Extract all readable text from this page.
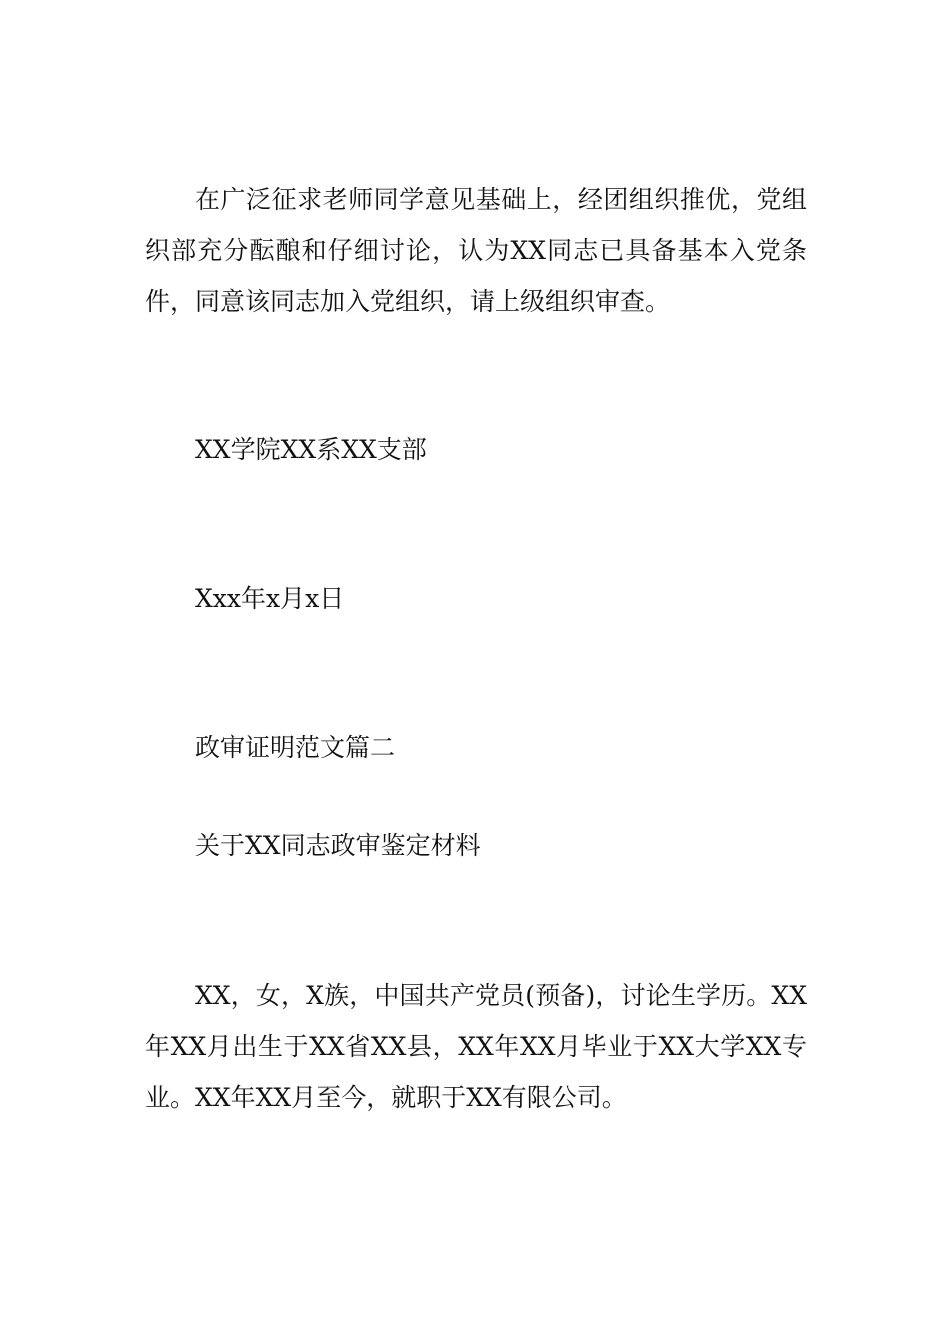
在广泛征求老师同学意见基础上，经团组织推优，党组织部充分酝酿和仔细讨论，认为XX同志已具备基本入党条件，同意该同志加入党组织，请上级组织审查。

XX学院XX系XX支部

Xxx年x月x日

政审证明范文篇二

关于XX同志政审鉴定材料

XX，女，X族，中国共产党员(预备)，讨论生学历。XX年XX月出生于XX省XX县，XX年XX月毕业于XX大学XX专业。XX年XX月至今，就职于XX有限公司。
